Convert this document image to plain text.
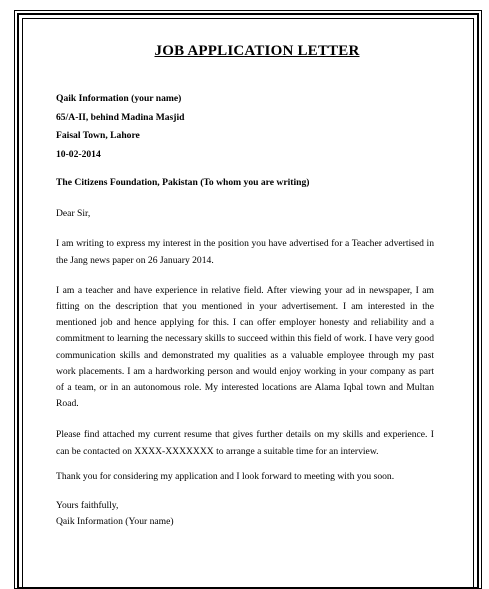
JOB APPLICATION LETTER
Qaik Information (your name)
65/A-II, behind Madina Masjid
Faisal Town, Lahore
10-02-2014
The Citizens Foundation, Pakistan (To whom you are writing)
Dear Sir,

I am writing to express my interest in the position you have advertised for a Teacher advertised in the Jang news paper on 26 January 2014.

I am a teacher and have experience in relative field. After viewing your ad in newspaper, I am fitting on the description that you mentioned in your advertisement. I am interested in the mentioned job and hence applying for this. I can offer employer honesty and reliability and a commitment to learning the necessary skills to succeed within this field of work. I have very good communication skills and demonstrated my qualities as a valuable employee through my past work placements. I am a hardworking person and would enjoy working in your company as part of a team, or in an autonomous role. My interested locations are Alama Iqbal town and Multan Road.

Please find attached my current resume that gives further details on my skills and experience. I can be contacted on XXXX-XXXXXXX to arrange a suitable time for an interview.

Thank you for considering my application and I look forward to meeting with you soon.

Yours faithfully,
Qaik Information (Your name)
